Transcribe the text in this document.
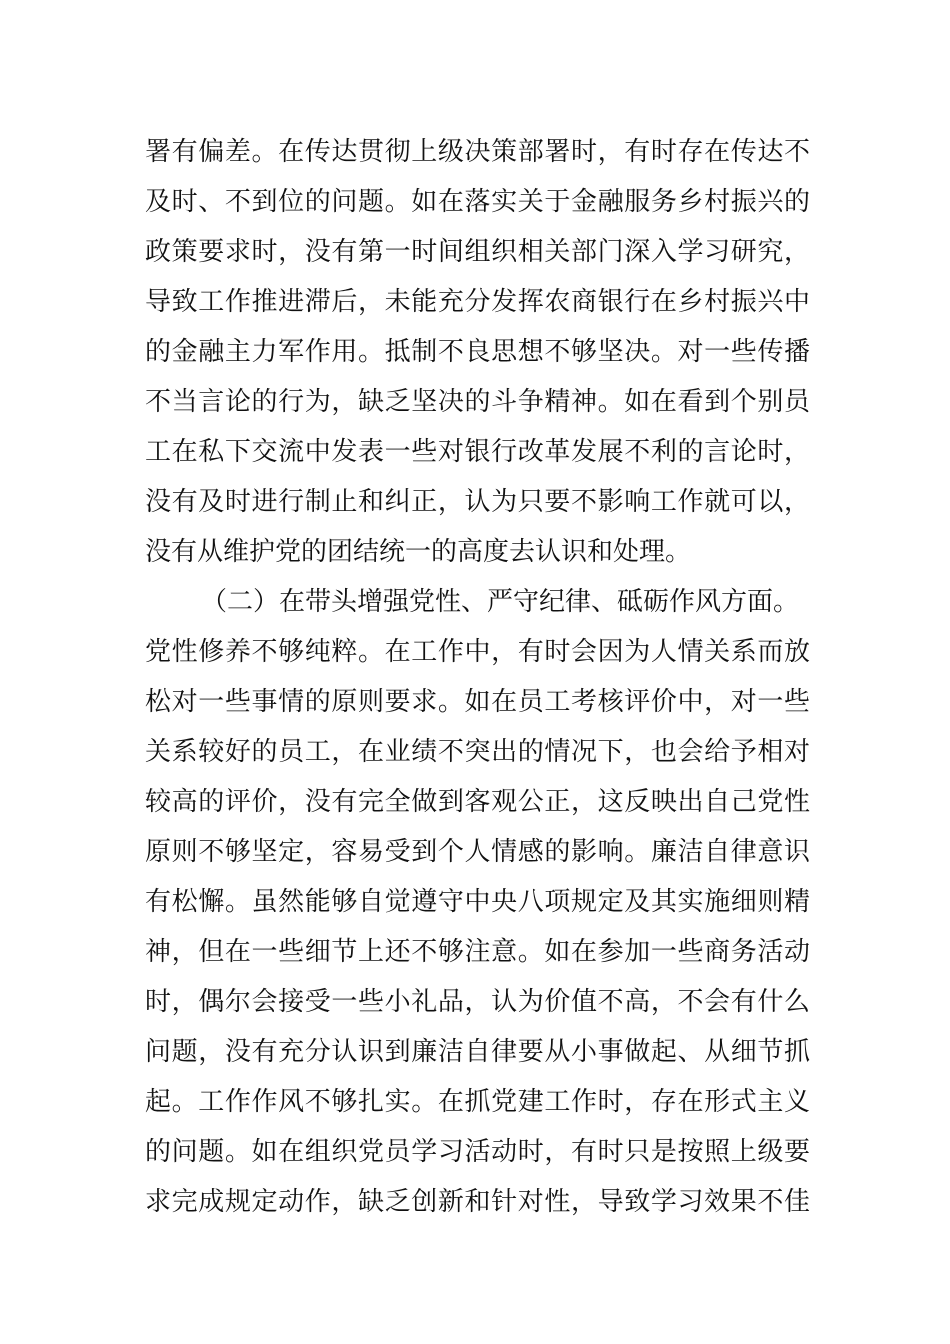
署有偏差。在传达贯彻上级决策部署时，有时存在传达不
及时、不到位的问题。如在落实关于金融服务乡村振兴的
政策要求时，没有第一时间组织相关部门深入学习研究，
导致工作推进滞后，未能充分发挥农商银行在乡村振兴中
的金融主力军作用。抵制不良思想不够坚决。对一些传播
不当言论的行为，缺乏坚决的斗争精神。如在看到个别员
工在私下交流中发表一些对银行改革发展不利的言论时，
没有及时进行制止和纠正，认为只要不影响工作就可以，
没有从维护党的团结统一的高度去认识和处理。
（二）在带头增强党性、严守纪律、砥砺作风方面。
党性修养不够纯粹。在工作中，有时会因为人情关系而放
松对一些事情的原则要求。如在员工考核评价中，对一些
关系较好的员工，在业绩不突出的情况下，也会给予相对
较高的评价，没有完全做到客观公正，这反映出自己党性
原则不够坚定，容易受到个人情感的影响。廉洁自律意识
有松懈。虽然能够自觉遵守中央八项规定及其实施细则精
神，但在一些细节上还不够注意。如在参加一些商务活动
时，偶尔会接受一些小礼品，认为价值不高，不会有什么
问题，没有充分认识到廉洁自律要从小事做起、从细节抓
起。工作作风不够扎实。在抓党建工作时，存在形式主义
的问题。如在组织党员学习活动时，有时只是按照上级要
求完成规定动作，缺乏创新和针对性，导致学习效果不佳
